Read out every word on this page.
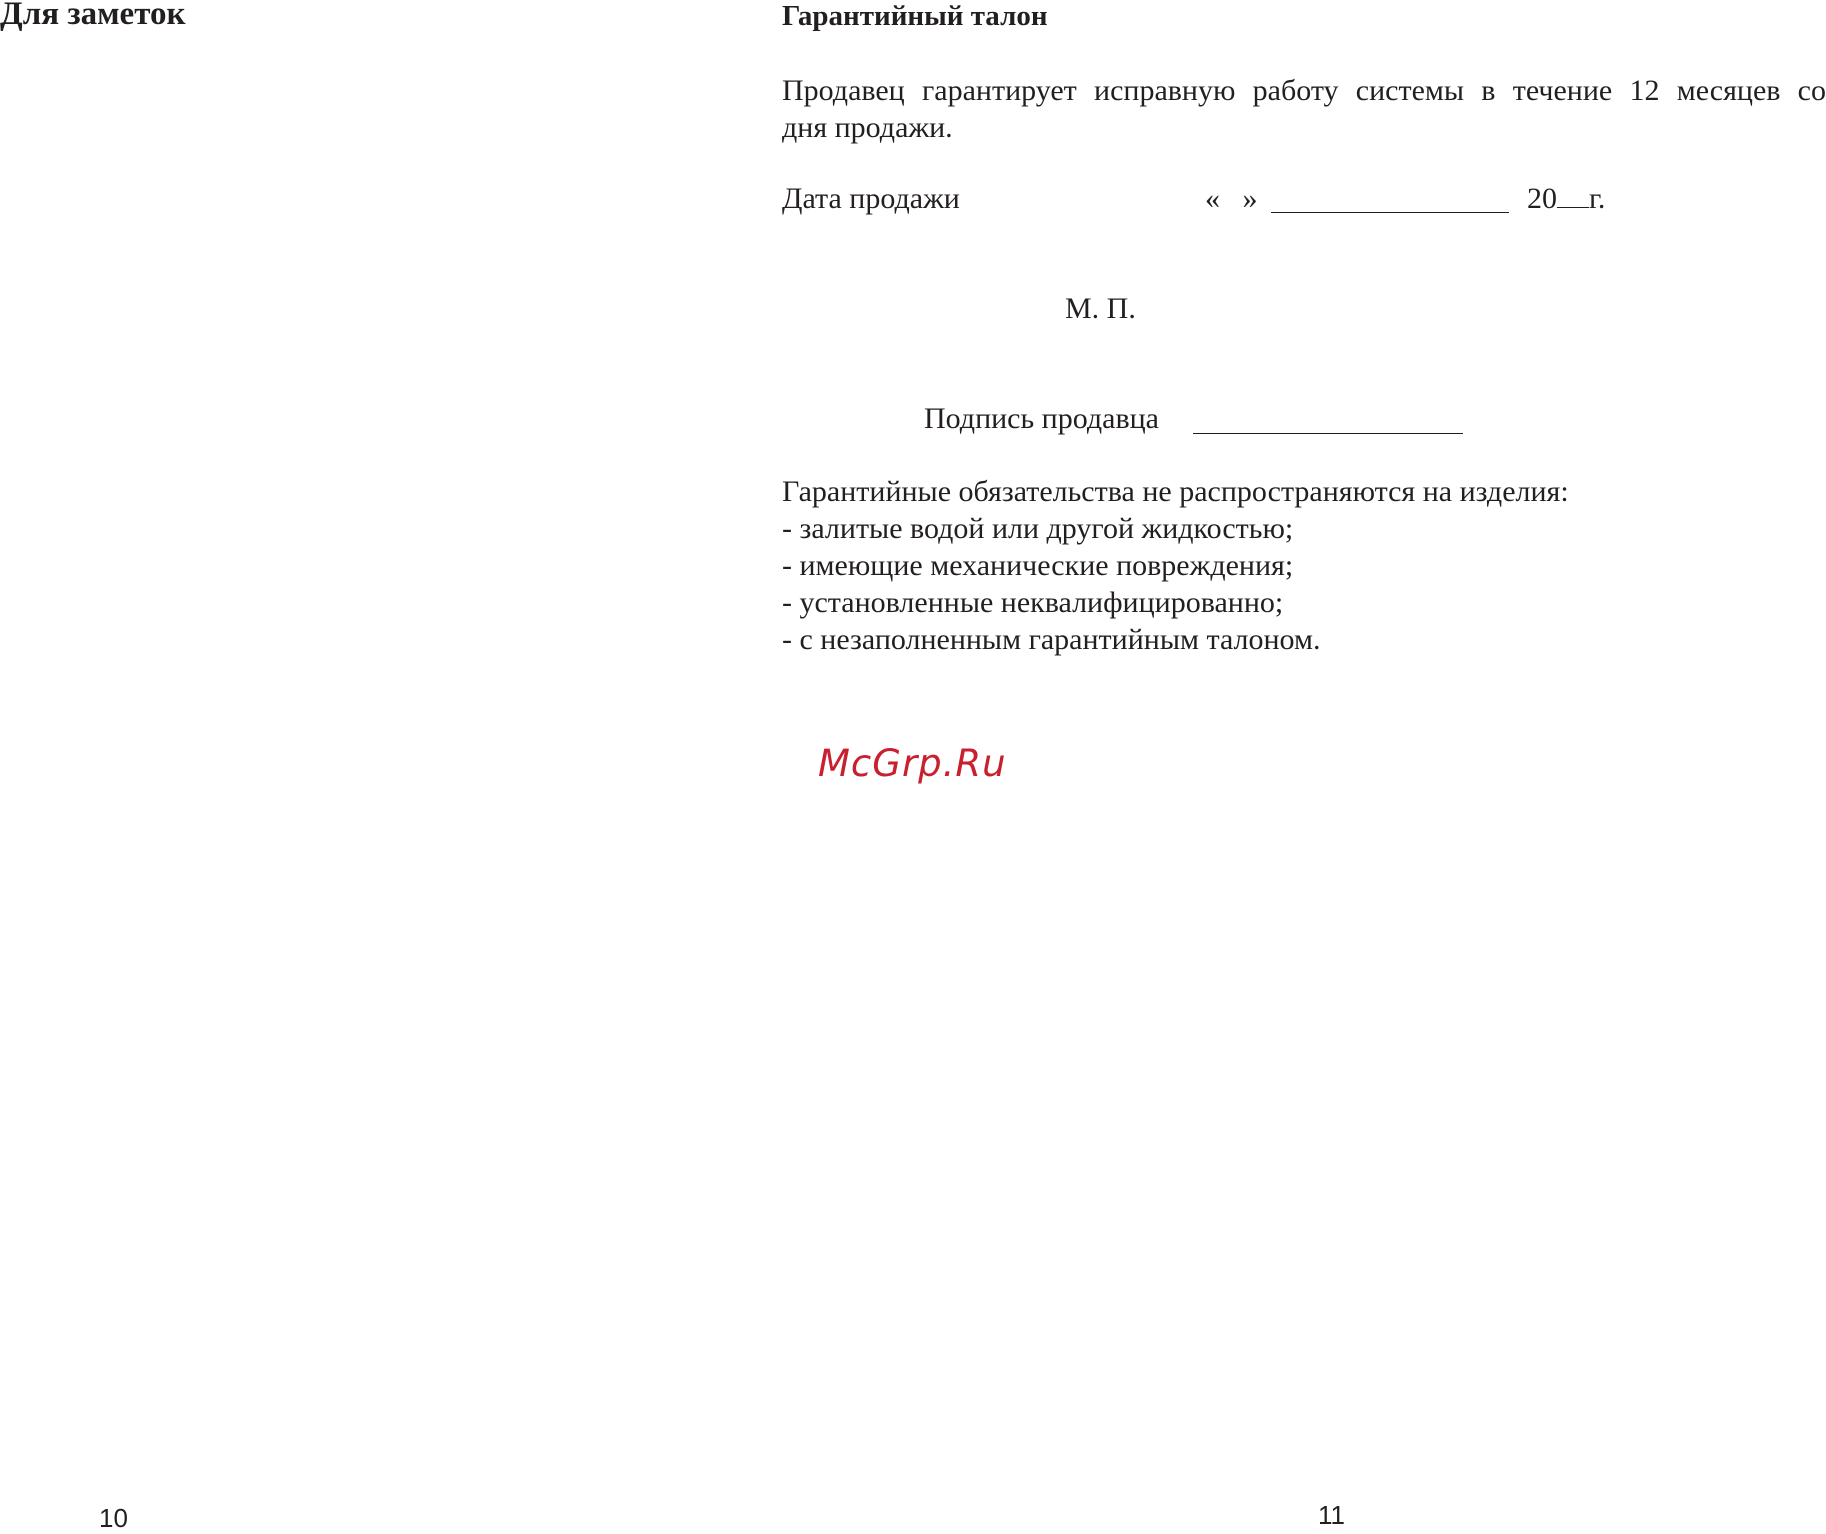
Для заметок
10
Гарантийный талон
Продавец гарантирует исправную работу системы в течение 12 месяцев со
дня продажи.
Дата продажи	«   »	20 г.
М. П.
Подпись продавца
Гарантийные обязательства не распространяются на изделия:
- залитые водой или другой жидкостью;
- имеющие механические повреждения;
- установленные неквалифицированно;
- с незаполненным гарантийным талоном.
McGrp.Ru
11
